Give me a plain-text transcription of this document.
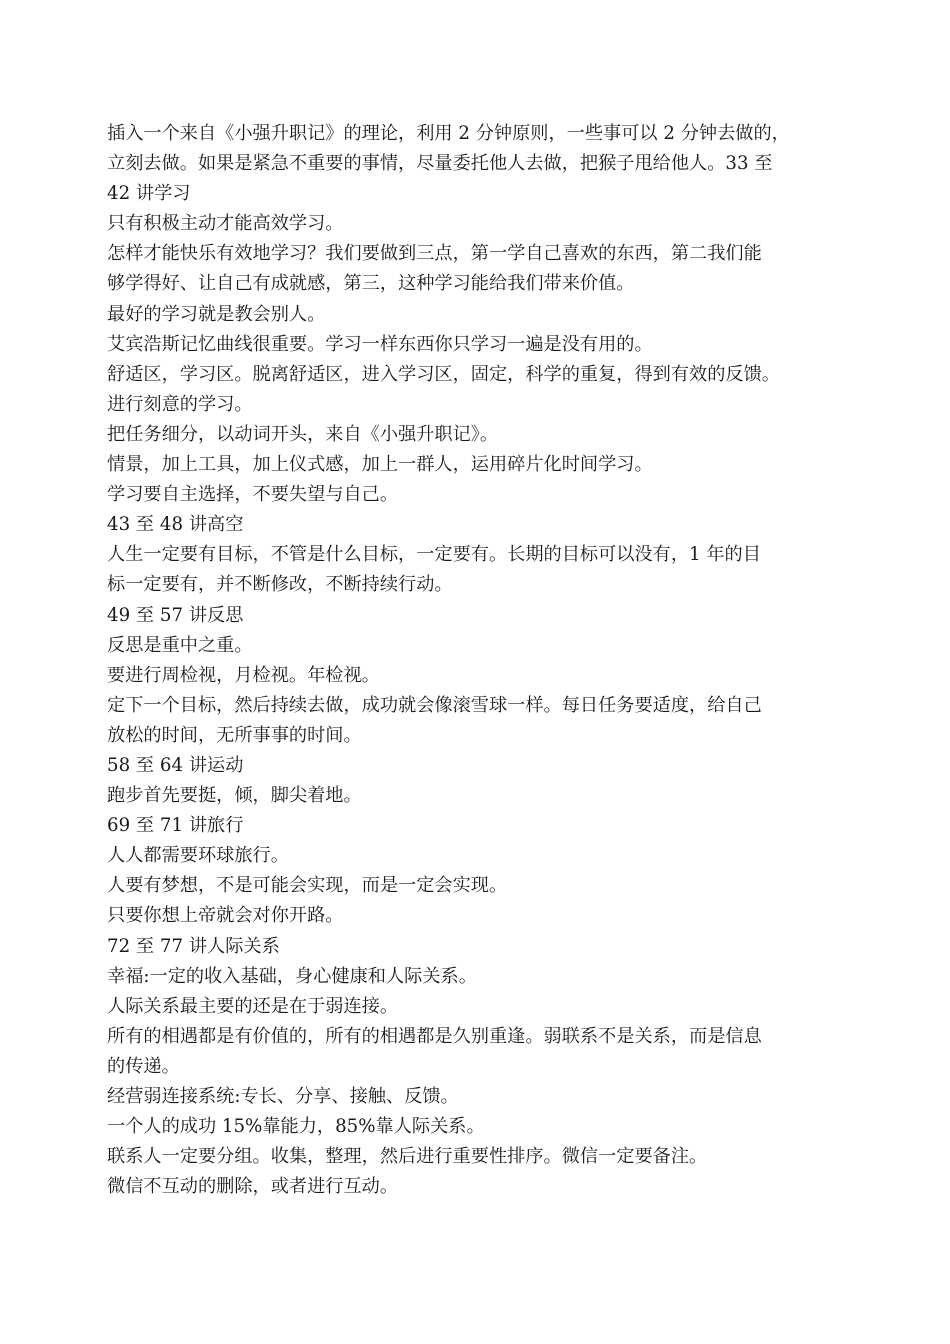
插入一个来自《小强升职记》的理论，利用 2 分钟原则，一些事可以 2 分钟去做的，

立刻去做。如果是紧急不重要的事情，尽量委托他人去做，把猴子甩给他人。33 至

42 讲学习

只有积极主动才能高效学习。

怎样才能快乐有效地学习？我们要做到三点，第一学自己喜欢的东西，第二我们能

够学得好、让自己有成就感，第三，这种学习能给我们带来价值。

最好的学习就是教会别人。

艾宾浩斯记忆曲线很重要。学习一样东西你只学习一遍是没有用的。

舒适区，学习区。脱离舒适区，进入学习区，固定，科学的重复，得到有效的反馈。

进行刻意的学习。

把任务细分，以动词开头，来自《小强升职记》。

情景，加上工具，加上仪式感，加上一群人，运用碎片化时间学习。

学习要自主选择，不要失望与自己。

43 至 48 讲高空

人生一定要有目标，不管是什么目标，一定要有。长期的目标可以没有，1 年的目

标一定要有，并不断修改，不断持续行动。

49 至 57 讲反思

反思是重中之重。

要进行周检视，月检视。年检视。

定下一个目标，然后持续去做，成功就会像滚雪球一样。每日任务要适度，给自己

放松的时间，无所事事的时间。

58 至 64 讲运动

跑步首先要挺，倾，脚尖着地。

69 至 71 讲旅行

人人都需要环球旅行。

人要有梦想，不是可能会实现，而是一定会实现。

只要你想上帝就会对你开路。

72 至 77 讲人际关系

幸福:一定的收入基础，身心健康和人际关系。

人际关系最主要的还是在于弱连接。

所有的相遇都是有价值的，所有的相遇都是久别重逢。弱联系不是关系，而是信息

的传递。

经营弱连接系统:专长、分享、接触、反馈。

一个人的成功 15%靠能力，85%靠人际关系。

联系人一定要分组。收集，整理，然后进行重要性排序。微信一定要备注。

微信不互动的删除，或者进行互动。
